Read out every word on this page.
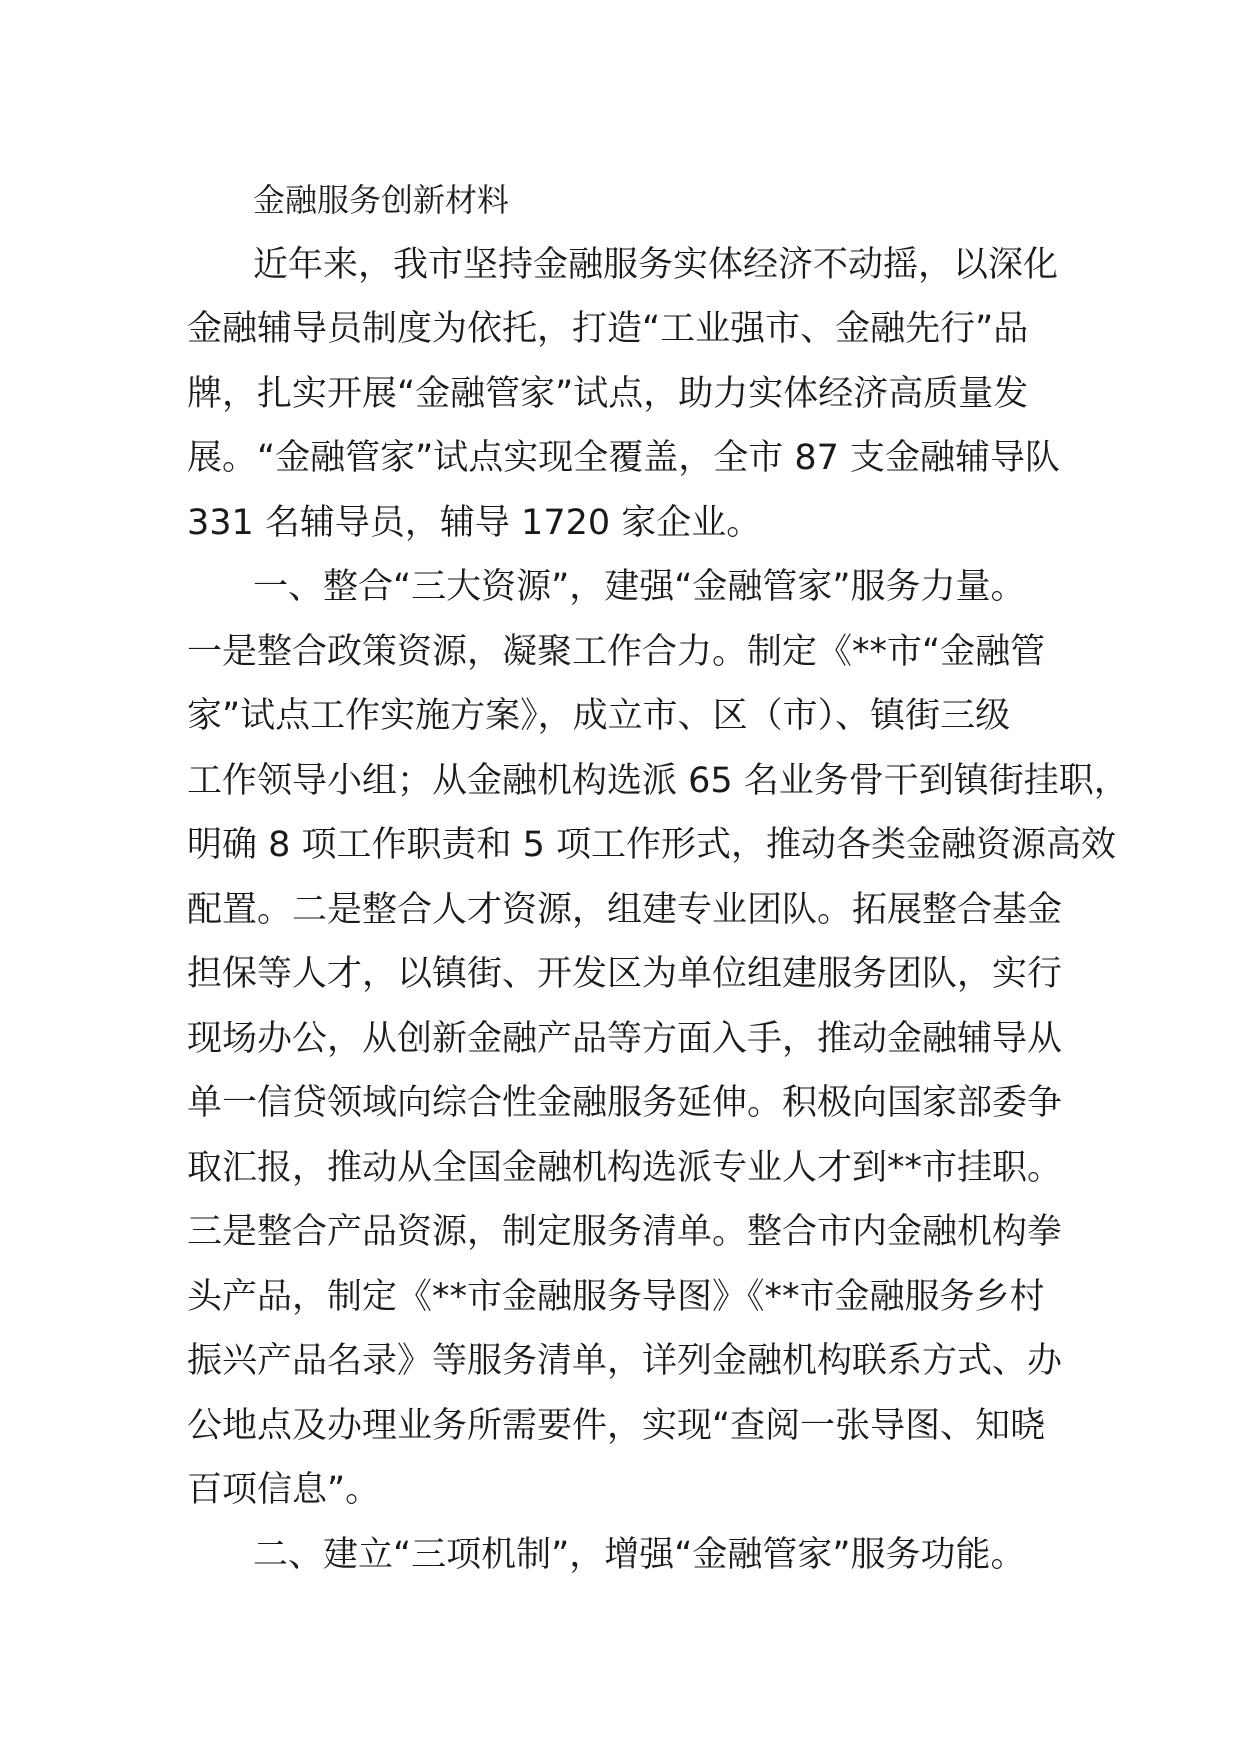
金融服务创新材料
近年来，我市坚持金融服务实体经济不动摇，以深化
金融辅导员制度为依托，打造“工业强市、金融先行”品
牌，扎实开展“金融管家”试点，助力实体经济高质量发
展。“金融管家”试点实现全覆盖，全市 87 支金融辅导队
331 名辅导员，辅导 1720 家企业。
一、整合“三大资源”，建强“金融管家”服务力量。
一是整合政策资源，凝聚工作合力。制定《**市“金融管
家”试点工作实施方案》，成立市、区（市）、镇街三级
工作领导小组；从金融机构选派 65 名业务骨干到镇街挂职，
明确 8 项工作职责和 5 项工作形式，推动各类金融资源高效
配置。二是整合人才资源，组建专业团队。拓展整合基金
担保等人才，以镇街、开发区为单位组建服务团队，实行
现场办公，从创新金融产品等方面入手，推动金融辅导从
单一信贷领域向综合性金融服务延伸。积极向国家部委争
取汇报，推动从全国金融机构选派专业人才到**市挂职。
三是整合产品资源，制定服务清单。整合市内金融机构拳
头产品，制定《**市金融服务导图》《**市金融服务乡村
振兴产品名录》等服务清单，详列金融机构联系方式、办
公地点及办理业务所需要件，实现“查阅一张导图、知晓
百项信息”。
二、建立“三项机制”，增强“金融管家”服务功能。
